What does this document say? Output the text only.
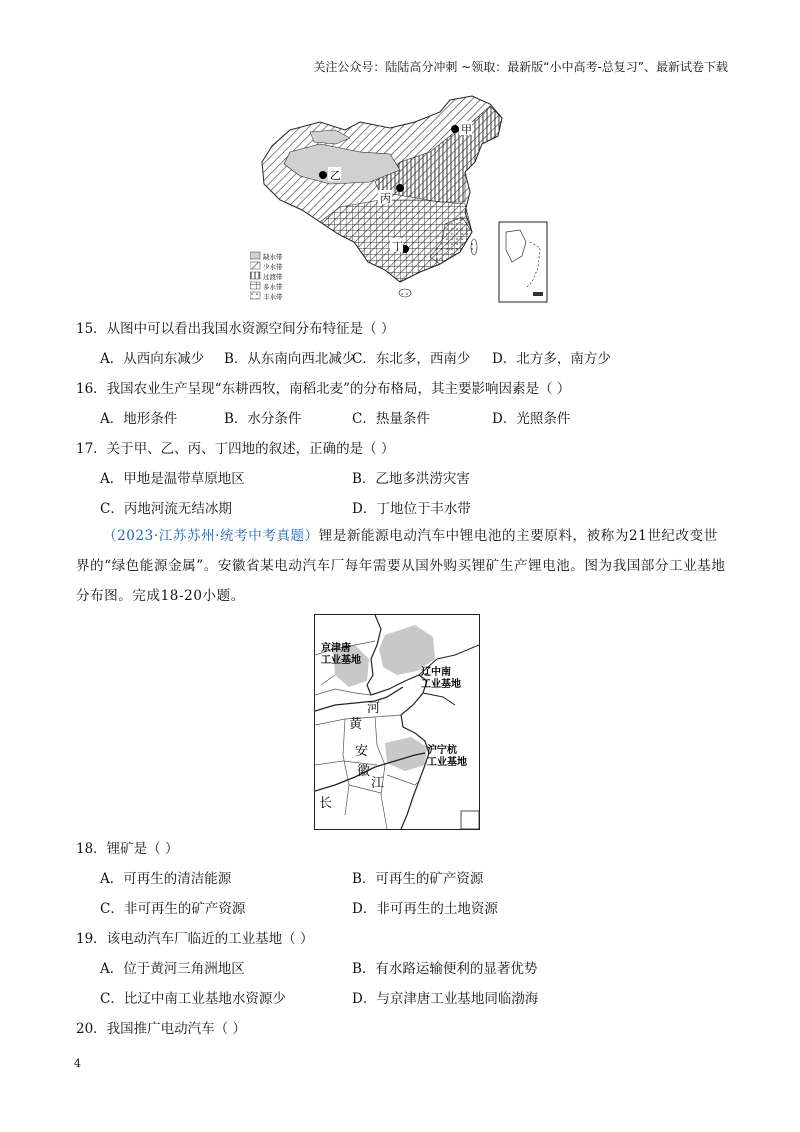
关注公众号：陆陆高分冲刺 ~领取：最新版“小中高考-总复习”、最新试卷下载
甲
乙
丙
丁
缺水带
少水带
过渡带
多水带
丰水带
15．从图中可以看出我国水资源空间分布特征是（ ）
A．从西向东减少 B．从东南向西北减少
C．东北多，西南少 D．北方多，南方少
16．我国农业生产呈现“东耕西牧，南稻北麦”的分布格局，其主要影响因素是（ ）
A．地形条件	B．水分条件	C．热量条件	D．光照条件
17．关于甲、乙、丙、丁四地的叙述，正确的是（ ）
A．甲地是温带草原地区	B．乙地多洪涝灾害
C．丙地河流无结冰期	D．丁地位于丰水带
（2023·江苏苏州·统考中考真题）锂是新能源电动汽车中锂电池的主要原料，被称为21世纪改变世界的“绿色能源金属”。安徽省某电动汽车厂每年需要从国外购买锂矿生产锂电池。图为我国部分工业基地分布图。完成18-20小题。
京津唐
工业基地
辽中南
工业基地
沪宁杭
工业基地
河
黄
安
徽
江
长
18．锂矿是（ ）
A．可再生的清洁能源	B．可再生的矿产资源
C．非可再生的矿产资源	D．非可再生的土地资源
19．该电动汽车厂临近的工业基地（ ）
A．位于黄河三角洲地区	B．有水路运输便利的显著优势
C．比辽中南工业基地水资源少	D．与京津唐工业基地同临渤海
20．我国推广电动汽车（ ）
4
